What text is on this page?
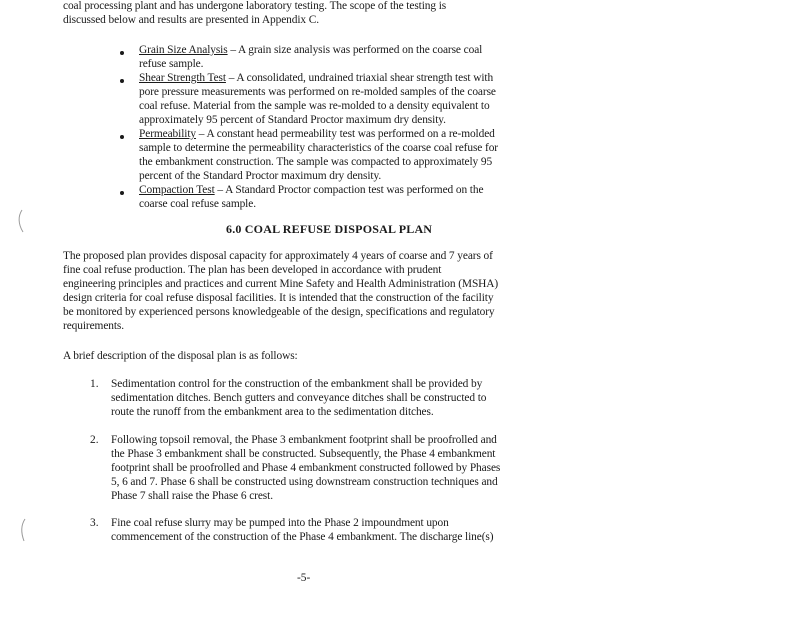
coal processing plant and has undergone laboratory testing. The scope of the testing is
discussed below and results are presented in Appendix C.
Grain Size Analysis – A grain size analysis was performed on the coarse coal
refuse sample.
Shear Strength Test – A consolidated, undrained triaxial shear strength test with
pore pressure measurements was performed on re-molded samples of the coarse
coal refuse. Material from the sample was re-molded to a density equivalent to
approximately 95 percent of Standard Proctor maximum dry density.
Permeability – A constant head permeability test was performed on a re-molded
sample to determine the permeability characteristics of the coarse coal refuse for
the embankment construction. The sample was compacted to approximately 95
percent of the Standard Proctor maximum dry density.
Compaction Test – A Standard Proctor compaction test was performed on the
coarse coal refuse sample.
6.0 COAL REFUSE DISPOSAL PLAN
The proposed plan provides disposal capacity for approximately 4 years of coarse and 7 years of
fine coal refuse production. The plan has been developed in accordance with prudent
engineering principles and practices and current Mine Safety and Health Administration (MSHA)
design criteria for coal refuse disposal facilities. It is intended that the construction of the facility
be monitored by experienced persons knowledgeable of the design, specifications and regulatory
requirements.
A brief description of the disposal plan is as follows:
1. Sedimentation control for the construction of the embankment shall be provided by
sedimentation ditches. Bench gutters and conveyance ditches shall be constructed to
route the runoff from the embankment area to the sedimentation ditches.
2. Following topsoil removal, the Phase 3 embankment footprint shall be proofrolled and
the Phase 3 embankment shall be constructed. Subsequently, the Phase 4 embankment
footprint shall be proofrolled and Phase 4 embankment constructed followed by Phases
5, 6 and 7. Phase 6 shall be constructed using downstream construction techniques and
Phase 7 shall raise the Phase 6 crest.
3. Fine coal refuse slurry may be pumped into the Phase 2 impoundment upon
commencement of the construction of the Phase 4 embankment. The discharge line(s)
-5-
